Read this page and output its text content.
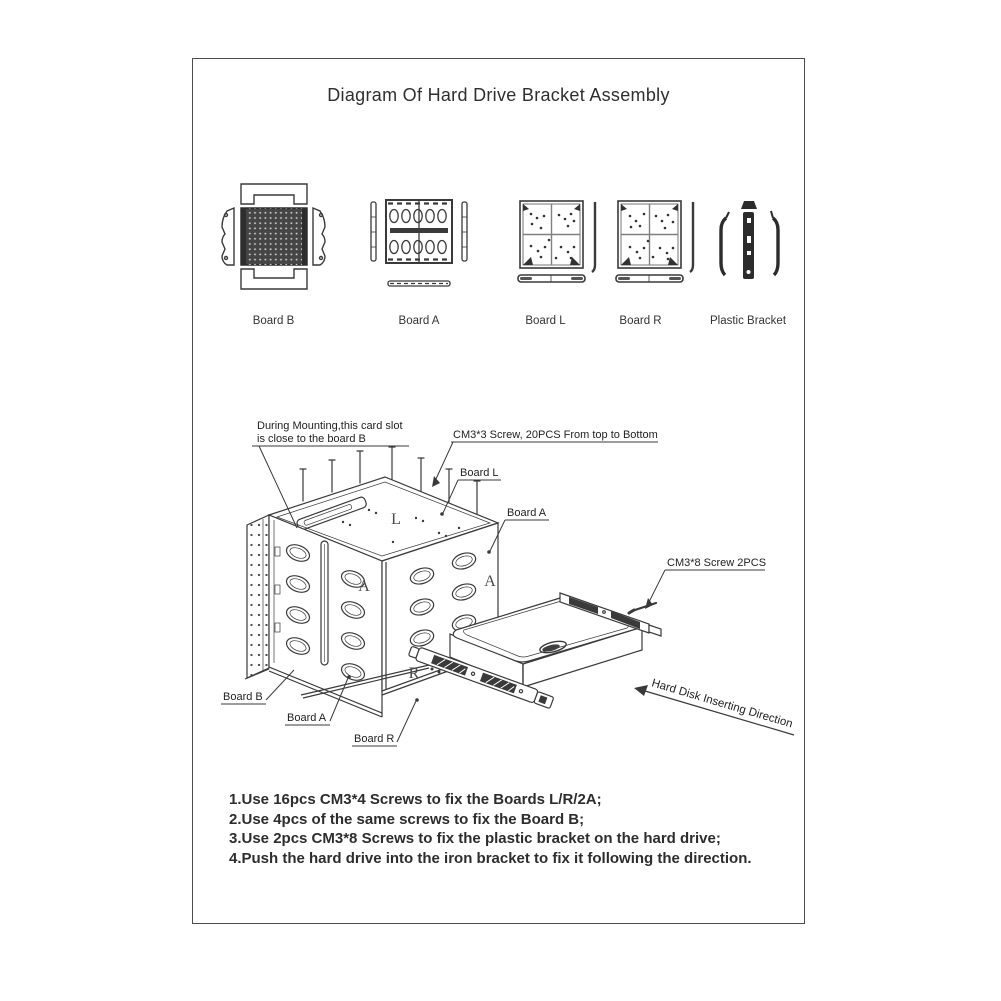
Diagram Of Hard Drive Bracket Assembly
Board B	Board A	Board L	Board R	Plastic Bracket
During Mounting,this card slot
is close to the board B	CM3*3 Screw, 20PCS From top to Bottom
Board L
Board A
CM3*8 Screw 2PCS
Board B
Board A
Board R
Hard Disk Inserting Direction
L
A	A
R
1.Use 16pcs CM3*4 Screws to fix the Boards L/R/2A;
2.Use 4pcs of the same screws to fix the Board B;
3.Use 2pcs CM3*8 Screws to fix the plastic bracket on the hard drive;
4.Push the hard drive into the iron bracket to fix it following the direction.
